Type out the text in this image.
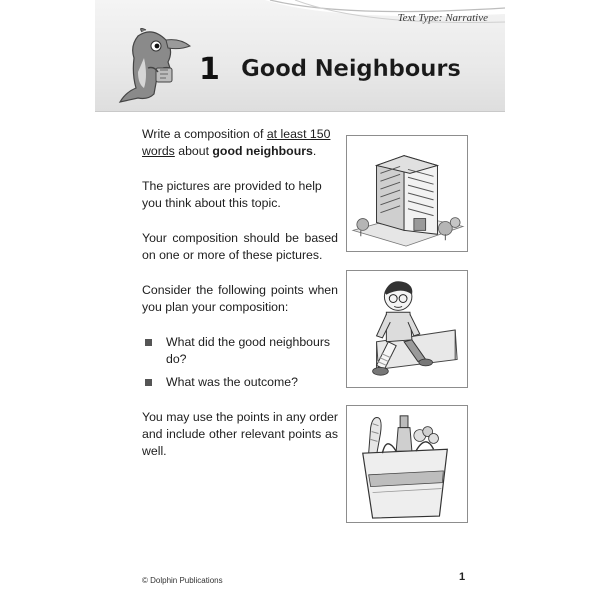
Text Type: Narrative
1 Good Neighbours

Write a composition of at least 150 words about good neighbours.

The pictures are provided to help you think about this topic.

Your composition should be based on one or more of these pictures.

Consider the following points when you plan your composition:

What did the good neighbours do?
What was the outcome?

You may use the points in any order and include other relevant points as well.

© Dolphin Publications	1
